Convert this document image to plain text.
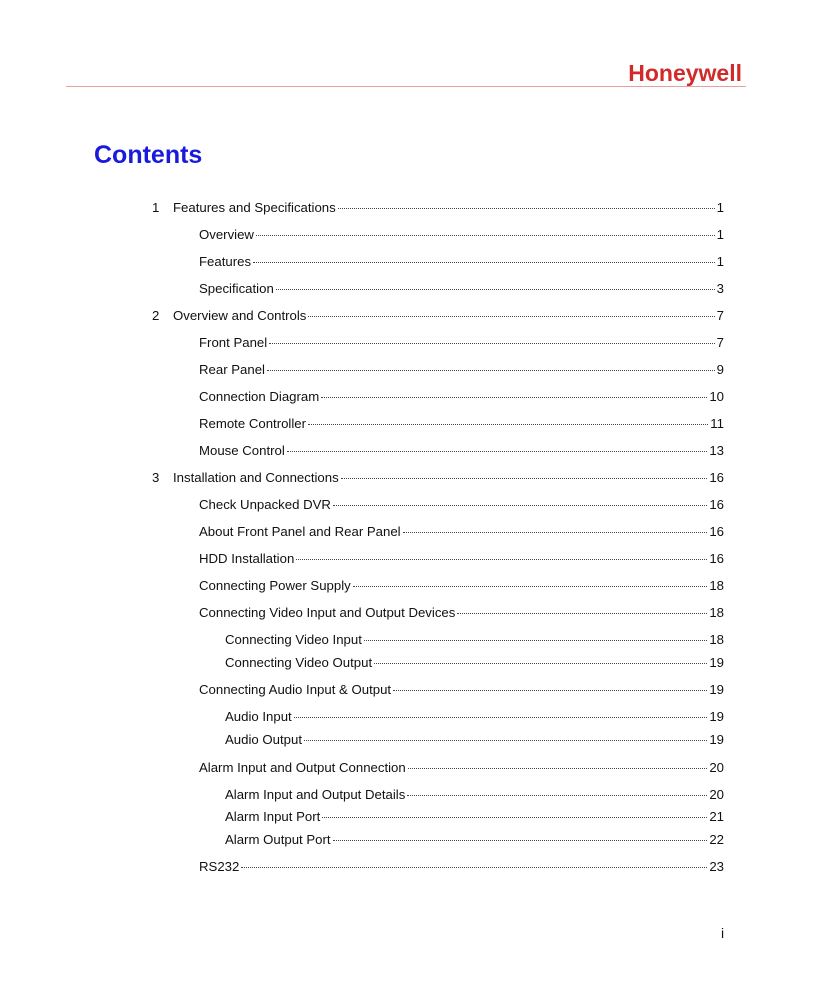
Honeywell
Contents
1 Features and Specifications	1
Overview	1
Features	1
Specification	3
2 Overview and Controls	7
Front Panel	7
Rear Panel	9
Connection Diagram	10
Remote Controller	11
Mouse Control	13
3 Installation and Connections	16
Check Unpacked DVR	16
About Front Panel and Rear Panel	16
HDD Installation	16
Connecting Power Supply	18
Connecting Video Input and Output Devices	18
Connecting Video Input	18
Connecting Video Output	19
Connecting Audio Input & Output	19
Audio Input	19
Audio Output	19
Alarm Input and Output Connection	20
Alarm Input and Output Details	20
Alarm Input Port	21
Alarm Output Port	22
RS232	23
i
